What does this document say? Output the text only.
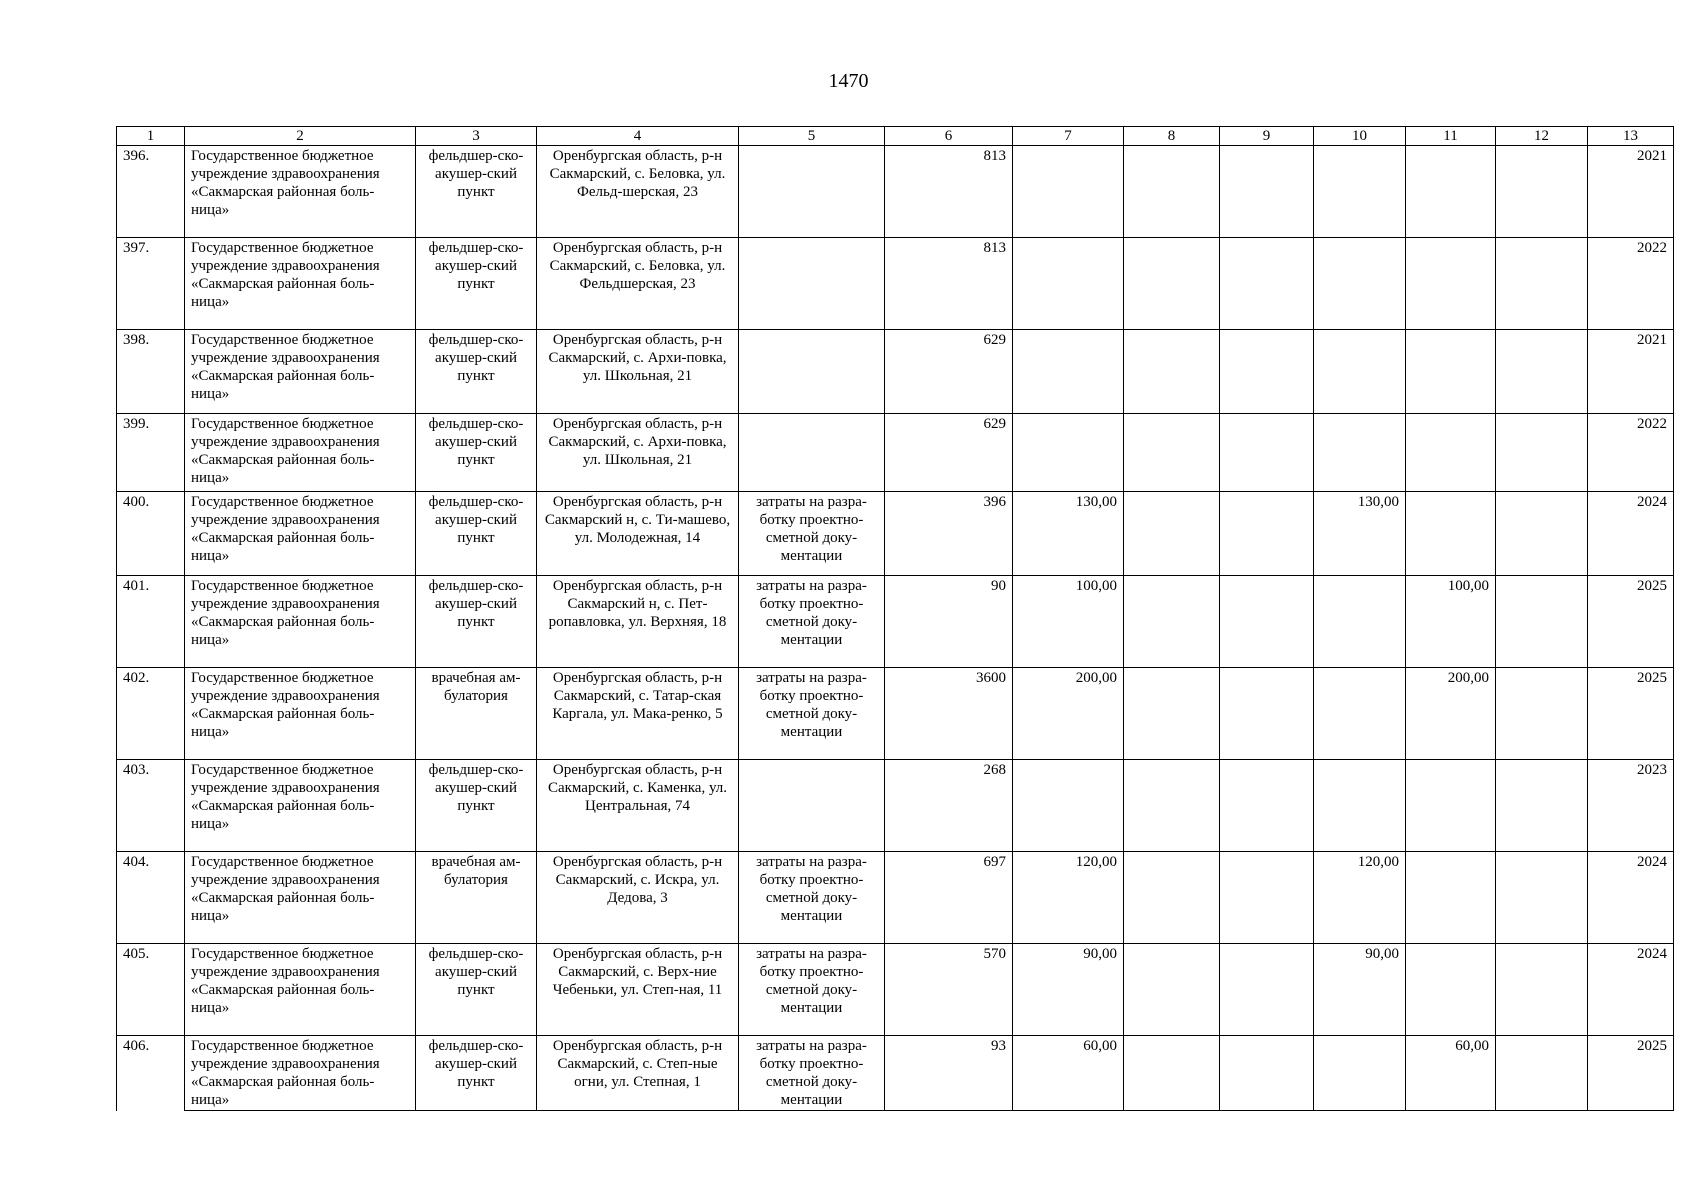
1470
1	2	3	4	5	6	7	8	9	10	11	12	13
396.	Государственное бюджетное учреждение здравоохранения «Сакмарская районная боль-ница»	фельдшер-ско-акушер-ский пункт	Оренбургская область, р-н Сакмарский, с. Беловка, ул. Фельд-шерская, 23		813							2021
397.	Государственное бюджетное учреждение здравоохранения «Сакмарская районная боль-ница»	фельдшер-ско-акушер-ский пункт	Оренбургская область, р-н Сакмарский, с. Беловка, ул. Фельдшерская, 23		813							2022
398.	Государственное бюджетное учреждение здравоохранения «Сакмарская районная боль-ница»	фельдшер-ско-акушер-ский пункт	Оренбургская область, р-н Сакмарский, с. Архи-повка, ул. Школьная, 21		629							2021
399.	Государственное бюджетное учреждение здравоохранения «Сакмарская районная боль-ница»	фельдшер-ско-акушер-ский пункт	Оренбургская область, р-н Сакмарский, с. Архи-повка, ул. Школьная, 21		629							2022
400.	Государственное бюджетное учреждение здравоохранения «Сакмарская районная боль-ница»	фельдшер-ско-акушер-ский пункт	Оренбургская область, р-н Сакмарский н, с. Ти-машево, ул. Молодежная, 14	затраты на разра-ботку проектно-сметной доку-ментации	396	130,00			130,00			2024
401.	Государственное бюджетное учреждение здравоохранения «Сакмарская районная боль-ница»	фельдшер-ско-акушер-ский пункт	Оренбургская область, р-н Сакмарский н, с. Пет-ропавловка, ул. Верхняя, 18	затраты на разра-ботку проектно-сметной доку-ментации	90	100,00				100,00		2025
402.	Государственное бюджетное учреждение здравоохранения «Сакмарская районная боль-ница»	врачебная ам-булатория	Оренбургская область, р-н Сакмарский, с. Татар-ская Каргала, ул. Мака-ренко, 5	затраты на разра-ботку проектно-сметной доку-ментации	3600	200,00				200,00		2025
403.	Государственное бюджетное учреждение здравоохранения «Сакмарская районная боль-ница»	фельдшер-ско-акушер-ский пункт	Оренбургская область, р-н Сакмарский, с. Каменка, ул. Центральная, 74		268							2023
404.	Государственное бюджетное учреждение здравоохранения «Сакмарская районная боль-ница»	врачебная ам-булатория	Оренбургская область, р-н Сакмарский, с. Искра, ул. Дедова, 3	затраты на разра-ботку проектно-сметной доку-ментации	697	120,00			120,00			2024
405.	Государственное бюджетное учреждение здравоохранения «Сакмарская районная боль-ница»	фельдшер-ско-акушер-ский пункт	Оренбургская область, р-н Сакмарский, с. Верх-ние Чебеньки, ул. Степ-ная, 11	затраты на разра-ботку проектно-сметной доку-ментации	570	90,00			90,00			2024
406.	Государственное бюджетное учреждение здравоохранения «Сакмарская районная боль-ница»	фельдшер-ско-акушер-ский пункт	Оренбургская область, р-н Сакмарский, с. Степ-ные огни, ул. Степная, 1	затраты на разра-ботку проектно-сметной доку-ментации	93	60,00				60,00		2025
